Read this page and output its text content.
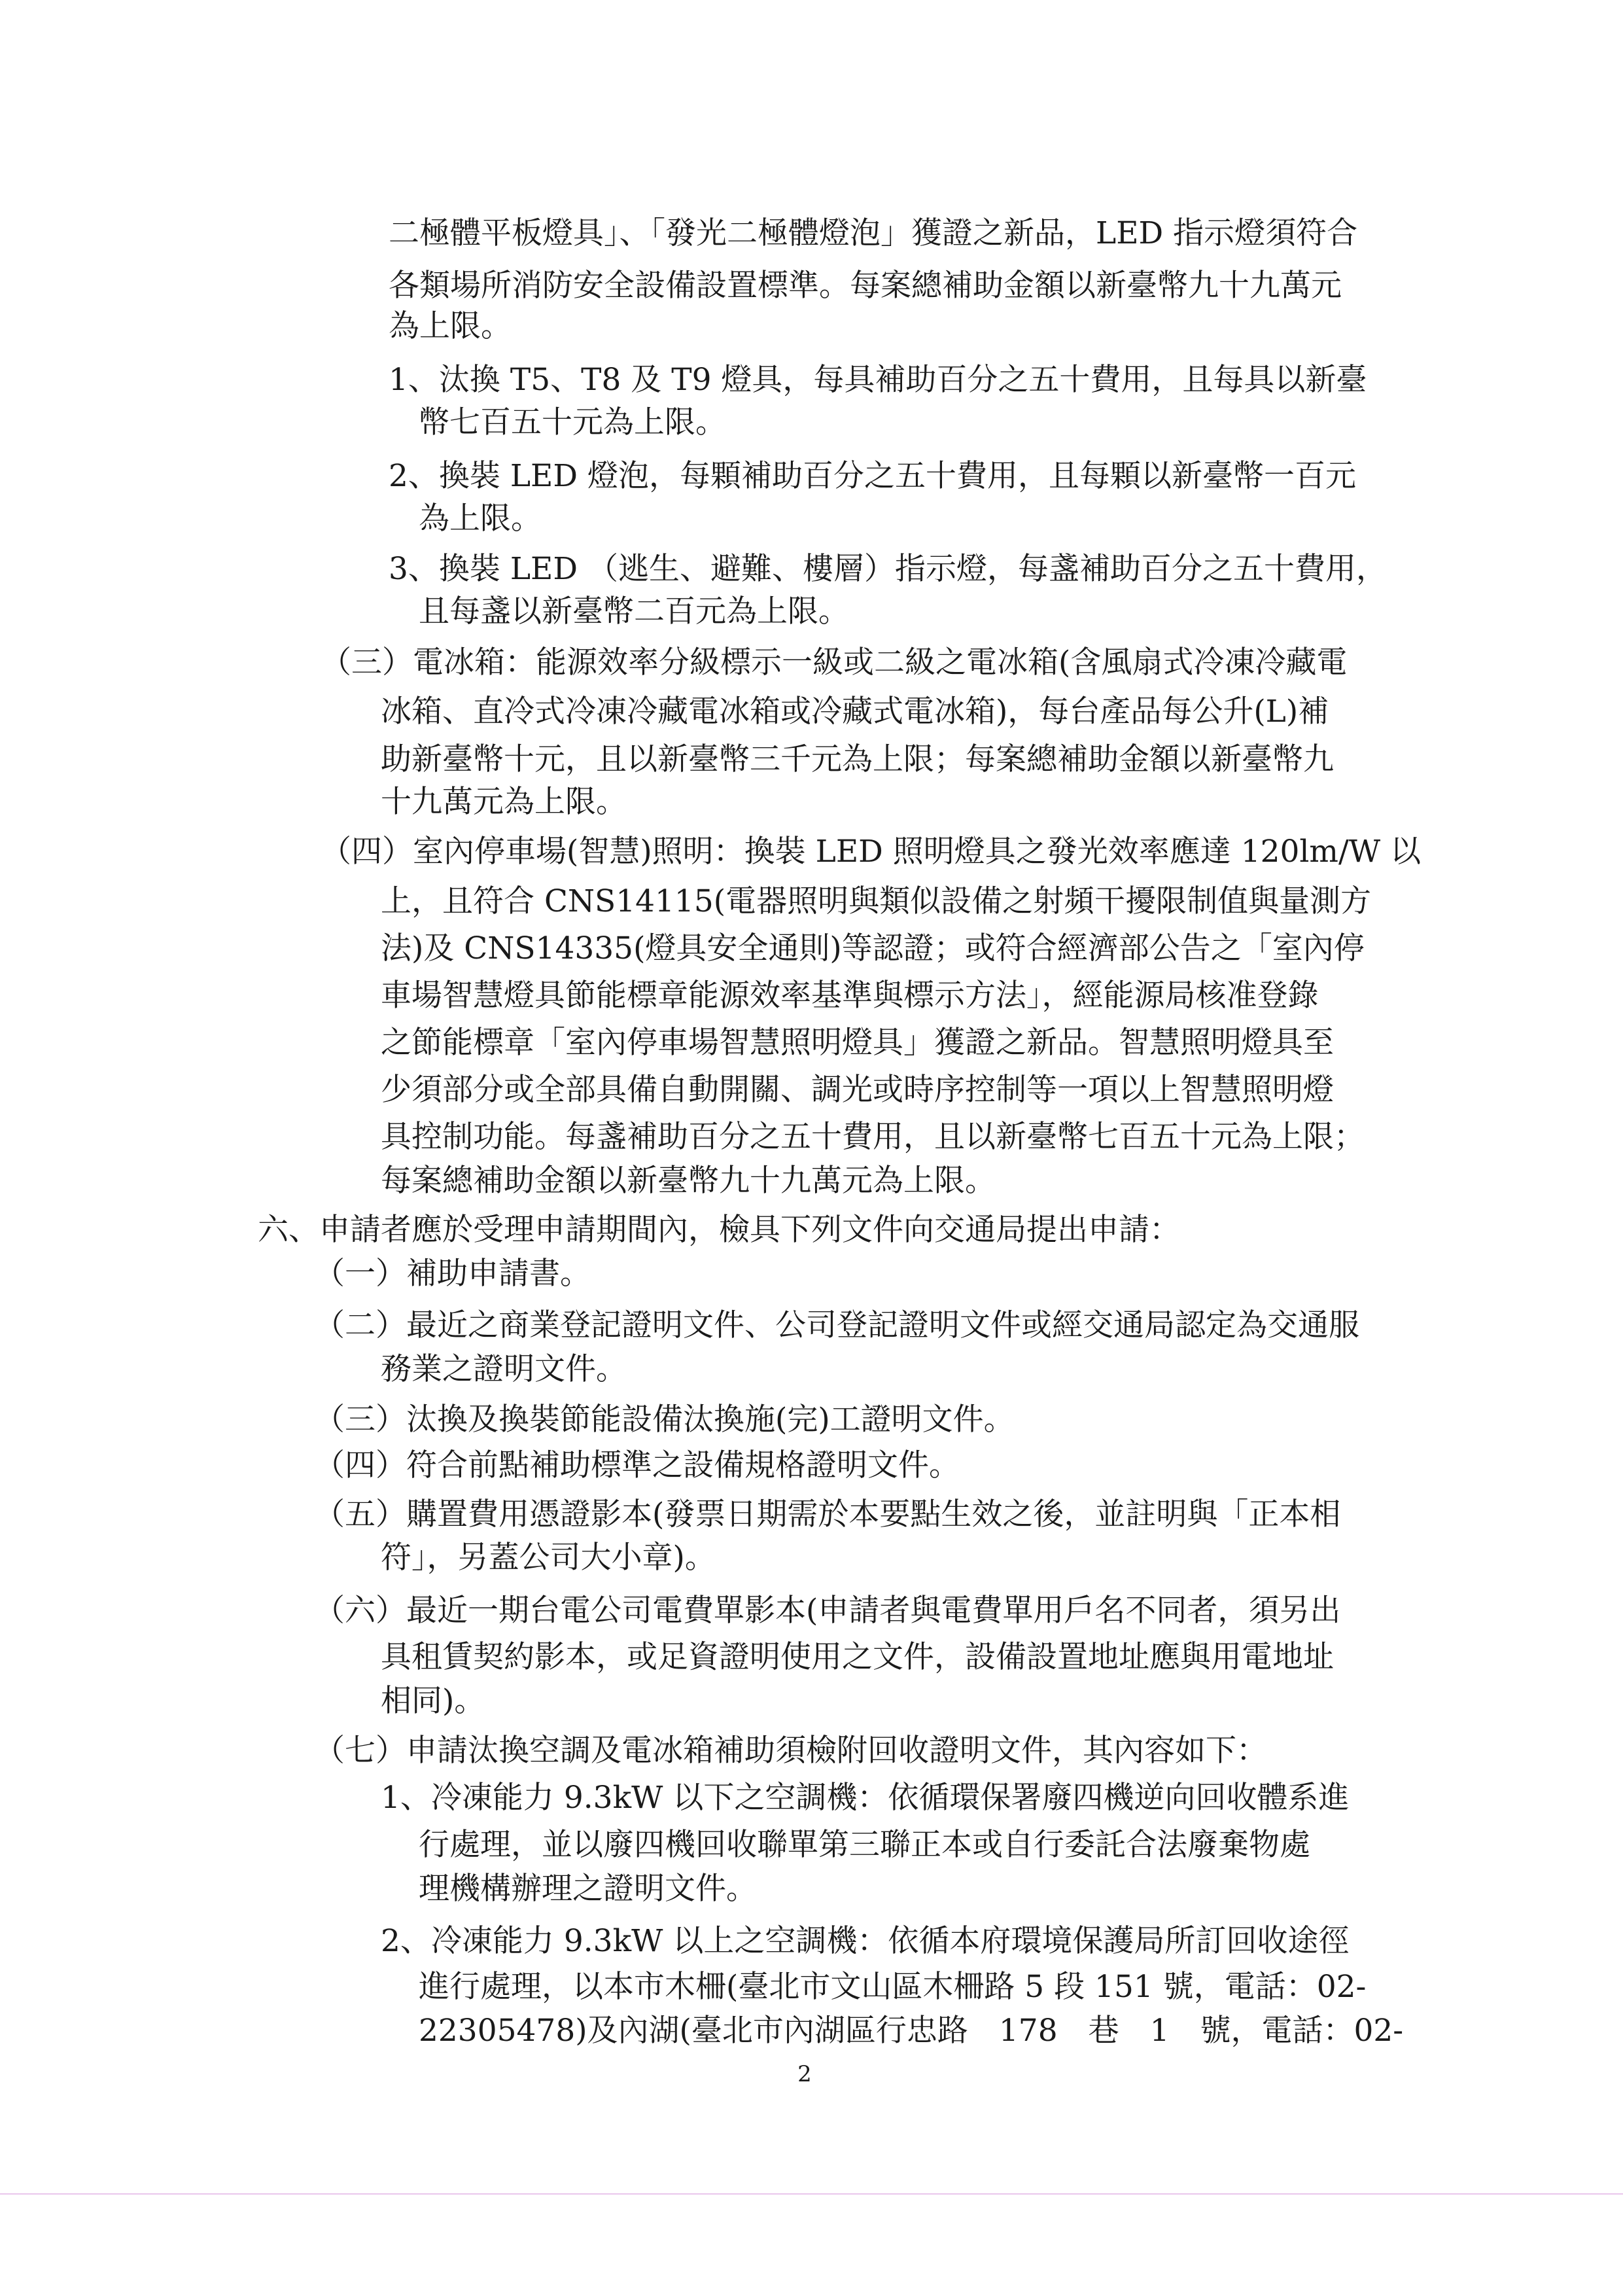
二極體平板燈具」、「發光二極體燈泡」獲證之新品，LED 指示燈須符合
各類場所消防安全設備設置標準。每案總補助金額以新臺幣九十九萬元
為上限。
1、汰換 T5、T8 及 T9 燈具，每具補助百分之五十費用，且每具以新臺
幣七百五十元為上限。
2、換裝 LED 燈泡，每顆補助百分之五十費用，且每顆以新臺幣一百元
為上限。
3、換裝 LED （逃生、避難、樓層）指示燈，每盞補助百分之五十費用，
且每盞以新臺幣二百元為上限。
（三）電冰箱：能源效率分級標示一級或二級之電冰箱(含風扇式冷凍冷藏電
冰箱、直冷式冷凍冷藏電冰箱或冷藏式電冰箱)，每台產品每公升(L)補
助新臺幣十元，且以新臺幣三千元為上限；每案總補助金額以新臺幣九
十九萬元為上限。
（四）室內停車場(智慧)照明：換裝 LED 照明燈具之發光效率應達 120lm/W 以
上，且符合 CNS14115(電器照明與類似設備之射頻干擾限制值與量測方
法)及 CNS14335(燈具安全通則)等認證；或符合經濟部公告之「室內停
車場智慧燈具節能標章能源效率基準與標示方法」，經能源局核准登錄
之節能標章「室內停車場智慧照明燈具」獲證之新品。智慧照明燈具至
少須部分或全部具備自動開關、調光或時序控制等一項以上智慧照明燈
具控制功能。每盞補助百分之五十費用，且以新臺幣七百五十元為上限；
每案總補助金額以新臺幣九十九萬元為上限。
六、申請者應於受理申請期間內，檢具下列文件向交通局提出申請：
（一）補助申請書。
（二）最近之商業登記證明文件、公司登記證明文件或經交通局認定為交通服
務業之證明文件。
（三）汰換及換裝節能設備汰換施(完)工證明文件。
（四）符合前點補助標準之設備規格證明文件。
（五）購置費用憑證影本(發票日期需於本要點生效之後，並註明與「正本相
符」，另蓋公司大小章)。
（六）最近一期台電公司電費單影本(申請者與電費單用戶名不同者，須另出
具租賃契約影本，或足資證明使用之文件，設備設置地址應與用電地址
相同)。
（七）申請汰換空調及電冰箱補助須檢附回收證明文件，其內容如下：
1、冷凍能力 9.3kW 以下之空調機：依循環保署廢四機逆向回收體系進
行處理，並以廢四機回收聯單第三聯正本或自行委託合法廢棄物處
理機構辦理之證明文件。
2、冷凍能力 9.3kW 以上之空調機：依循本府環境保護局所訂回收途徑
進行處理，以本市木柵(臺北市文山區木柵路 5 段 151 號，電話：02-
22305478)及內湖(臺北市內湖區行忠路　178　巷　1　號，電話：02-
2
